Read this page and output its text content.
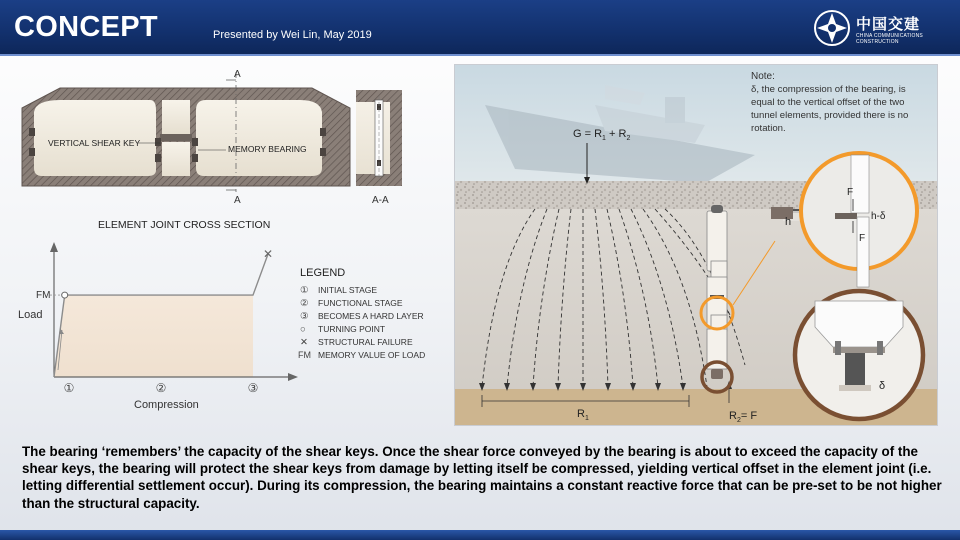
CONCEPT	Presented by Wei Lin, May 2019
中国交建
CHINA COMMUNICATIONS CONSTRUCTION
A
A
VERTICAL SHEAR KEY
MEMORY BEARING
A-A
ELEMENT JOINT CROSS SECTION
✕
FM
Load
Compression
①	②	③
LEGEND
① INITIAL STAGE
② FUNCTIONAL STAGE
③ BECOMES A HARD LAYER
○ TURNING POINT
✕ STRUCTURAL FAILURE
FM MEMORY VALUE OF LOAD
Note:
δ, the compression of the bearing, is
equal to the vertical offset of the two
tunnel elements, provided there is no
rotation.
$G = R_1 + R_2$
$R_1$	$R_2= F$
h
F
h-δ
F
δ
The bearing ‘remembers’ the capacity of the shear keys. Once the shear force conveyed by the bearing is about to exceed the capacity of the shear keys, the bearing will protect the shear keys from damage by letting itself be compressed, yielding vertical offset in the element joint (i.e. letting differential settlement occur). During its compression, the bearing maintains a constant reactive force that can be pre-set to be not higher than the structural capacity.
